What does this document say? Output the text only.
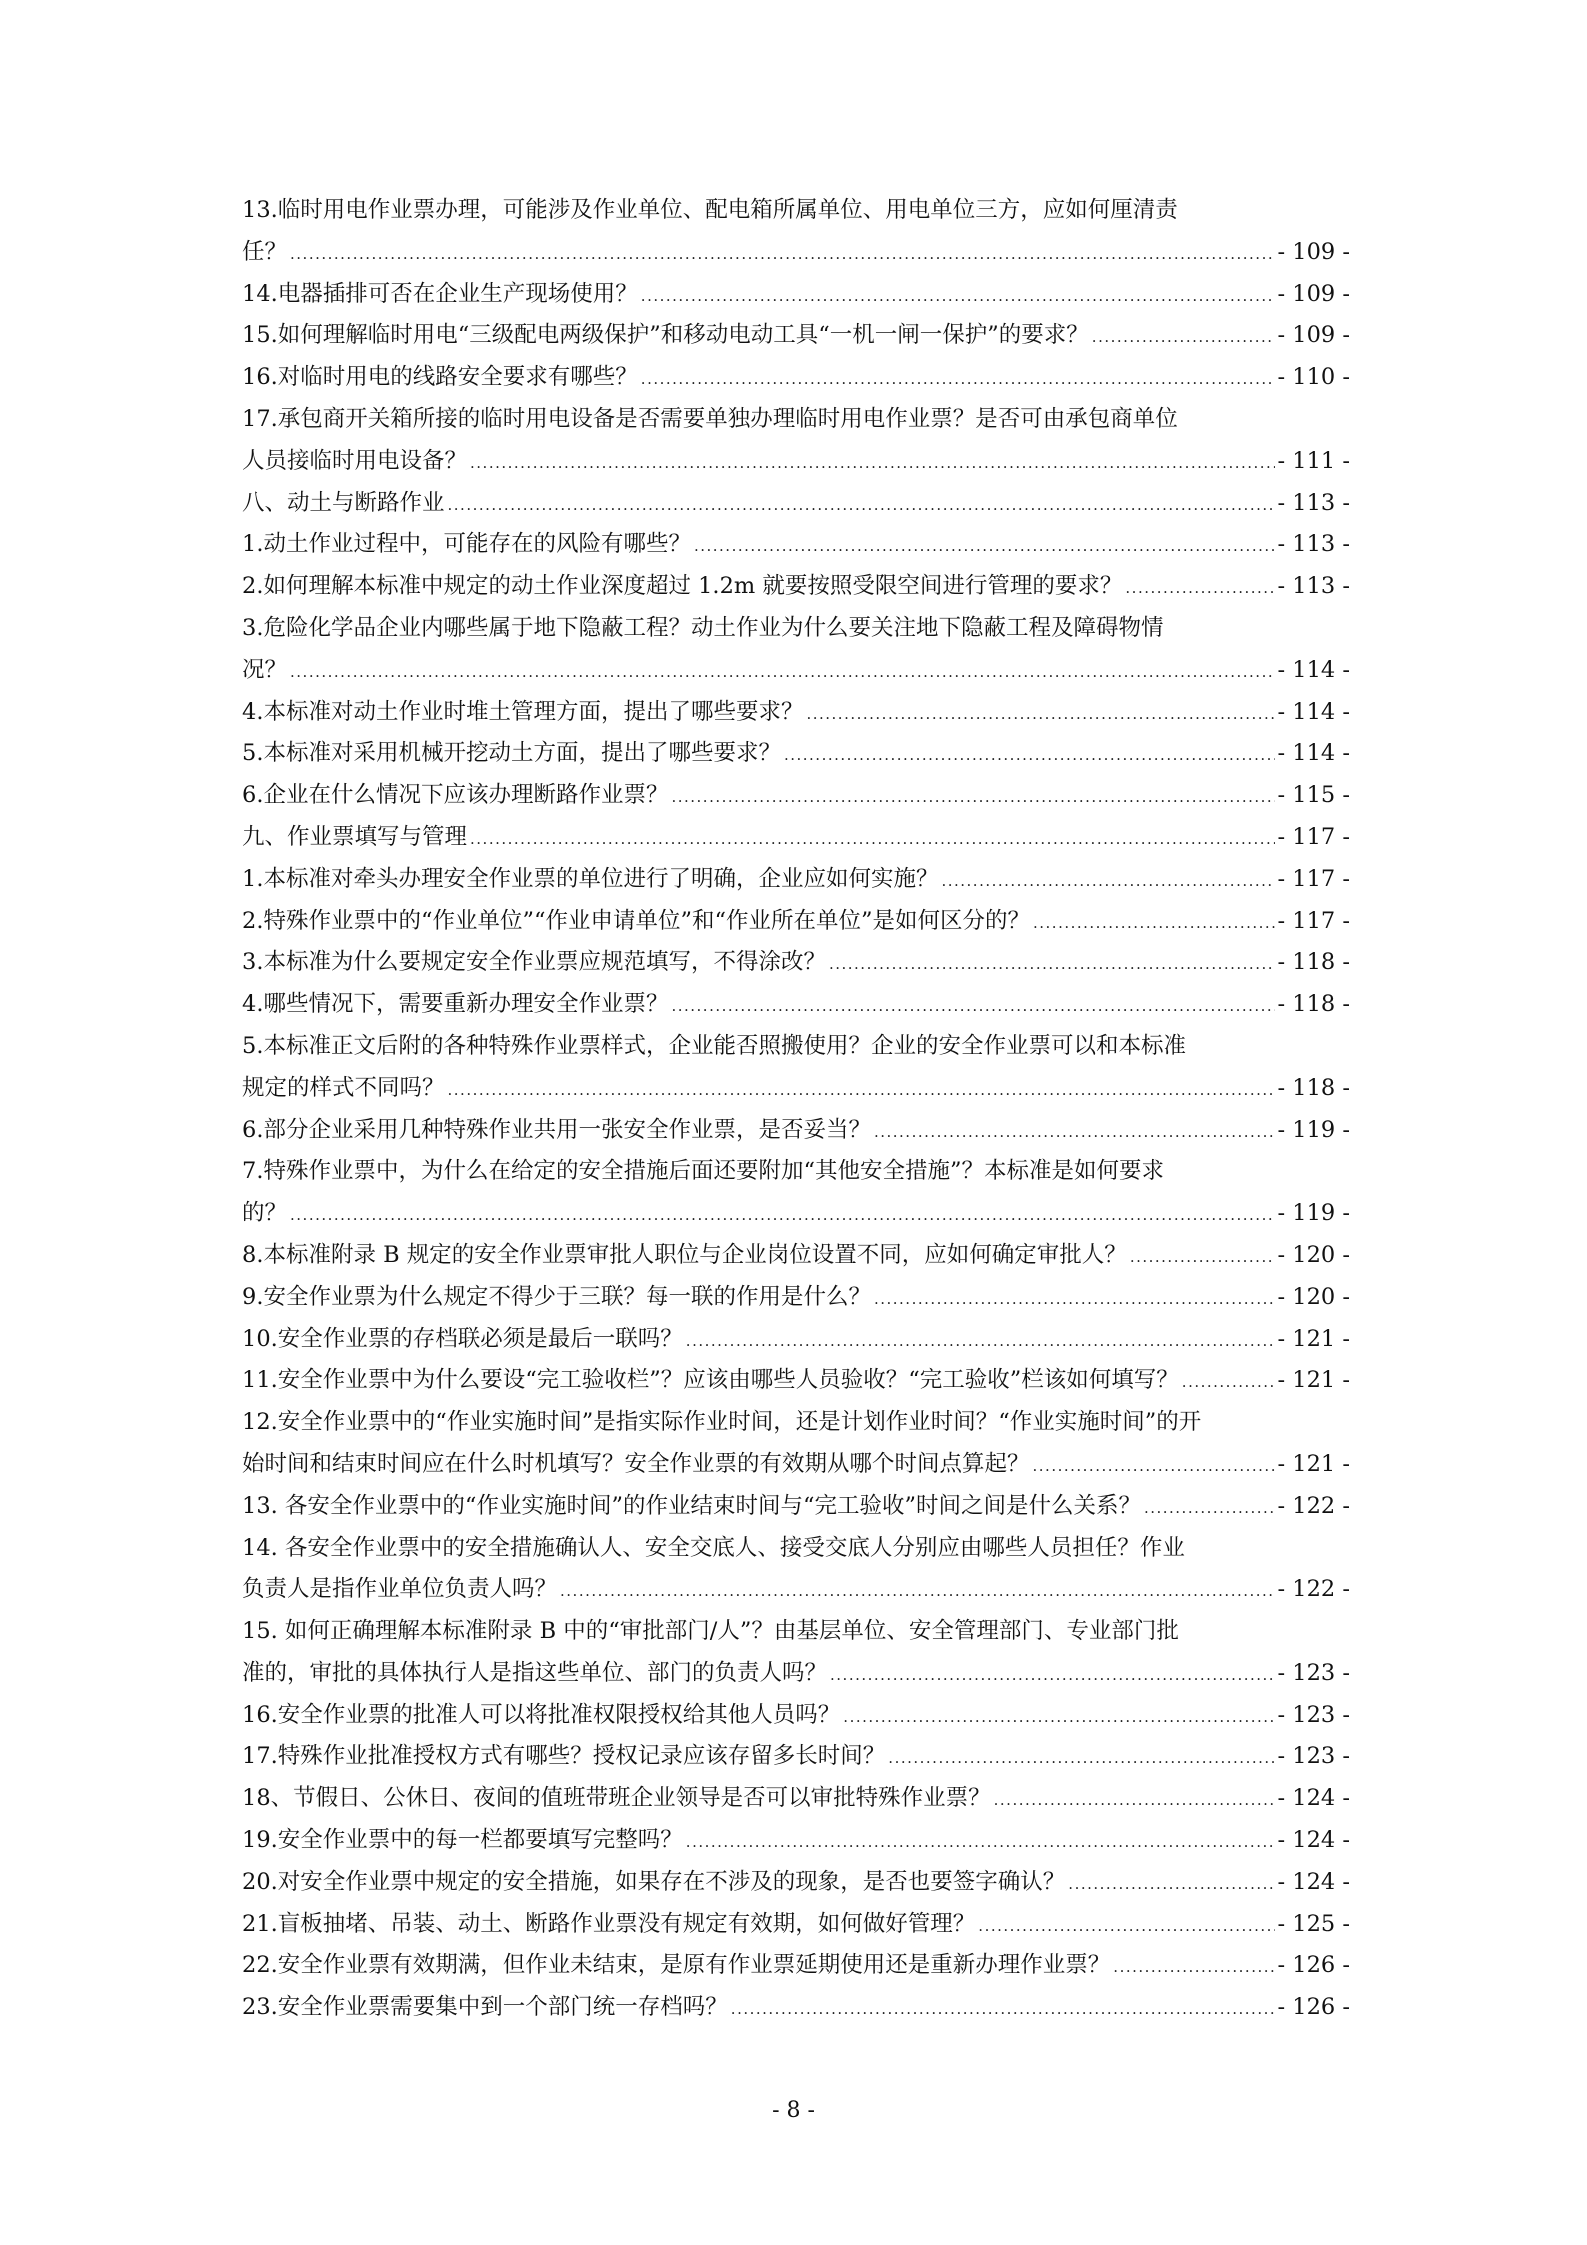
13.临时用电作业票办理，可能涉及作业单位、配电箱所属单位、用电单位三方，应如何厘清责
任？ .....	- 109 -
14.电器插排可否在企业生产现场使用？ .....	- 109 -
15.如何理解临时用电“三级配电两级保护”和移动电动工具“一机一闸一保护”的要求？ .....	- 109 -
16.对临时用电的线路安全要求有哪些？ .....	- 110 -
17.承包商开关箱所接的临时用电设备是否需要单独办理临时用电作业票？是否可由承包商单位
人员接临时用电设备？ .....	- 111 -
八、动土与断路作业 .....	- 113 -
1.动土作业过程中，可能存在的风险有哪些？ .....	- 113 -
2.如何理解本标准中规定的动土作业深度超过 1.2m 就要按照受限空间进行管理的要求？ .....	- 113 -
3.危险化学品企业内哪些属于地下隐蔽工程？动土作业为什么要关注地下隐蔽工程及障碍物情
况？ .....	- 114 -
4.本标准对动土作业时堆土管理方面，提出了哪些要求？ .....	- 114 -
5.本标准对采用机械开挖动土方面，提出了哪些要求？ .....	- 114 -
6.企业在什么情况下应该办理断路作业票？ .....	- 115 -
九、作业票填写与管理 .....	- 117 -
1.本标准对牵头办理安全作业票的单位进行了明确，企业应如何实施？ .....	- 117 -
2.特殊作业票中的“作业单位”“作业申请单位”和“作业所在单位”是如何区分的？ .....	- 117 -
3.本标准为什么要规定安全作业票应规范填写，不得涂改？ .....	- 118 -
4.哪些情况下，需要重新办理安全作业票？ .....	- 118 -
5.本标准正文后附的各种特殊作业票样式，企业能否照搬使用？企业的安全作业票可以和本标准
规定的样式不同吗？ .....	- 118 -
6.部分企业采用几种特殊作业共用一张安全作业票，是否妥当？ .....	- 119 -
7.特殊作业票中，为什么在给定的安全措施后面还要附加“其他安全措施”？本标准是如何要求
的？ .....	- 119 -
8.本标准附录 B 规定的安全作业票审批人职位与企业岗位设置不同，应如何确定审批人？ .....	- 120 -
9.安全作业票为什么规定不得少于三联？每一联的作用是什么？ .....	- 120 -
10.安全作业票的存档联必须是最后一联吗？ .....	- 121 -
11.安全作业票中为什么要设“完工验收栏”？应该由哪些人员验收？“完工验收”栏该如何填写？ .....	- 121 -
12.安全作业票中的“作业实施时间”是指实际作业时间，还是计划作业时间？“作业实施时间”的开
始时间和结束时间应在什么时机填写？安全作业票的有效期从哪个时间点算起？ .....	- 121 -
13. 各安全作业票中的“作业实施时间”的作业结束时间与“完工验收”时间之间是什么关系？ .....	- 122 -
14. 各安全作业票中的安全措施确认人、安全交底人、接受交底人分别应由哪些人员担任？作业
负责人是指作业单位负责人吗？ .....	- 122 -
15. 如何正确理解本标准附录 B 中的“审批部门/人”？由基层单位、安全管理部门、专业部门批
准的，审批的具体执行人是指这些单位、部门的负责人吗？ .....	- 123 -
16.安全作业票的批准人可以将批准权限授权给其他人员吗？ .....	- 123 -
17.特殊作业批准授权方式有哪些？授权记录应该存留多长时间？ .....	- 123 -
18、节假日、公休日、夜间的值班带班企业领导是否可以审批特殊作业票？ .....	- 124 -
19.安全作业票中的每一栏都要填写完整吗？ .....	- 124 -
20.对安全作业票中规定的安全措施，如果存在不涉及的现象，是否也要签字确认？ .....	- 124 -
21.盲板抽堵、吊装、动土、断路作业票没有规定有效期，如何做好管理？ .....	- 125 -
22.安全作业票有效期满，但作业未结束，是原有作业票延期使用还是重新办理作业票？ .....	- 126 -
23.安全作业票需要集中到一个部门统一存档吗？ .....	- 126 -
- 8 -
